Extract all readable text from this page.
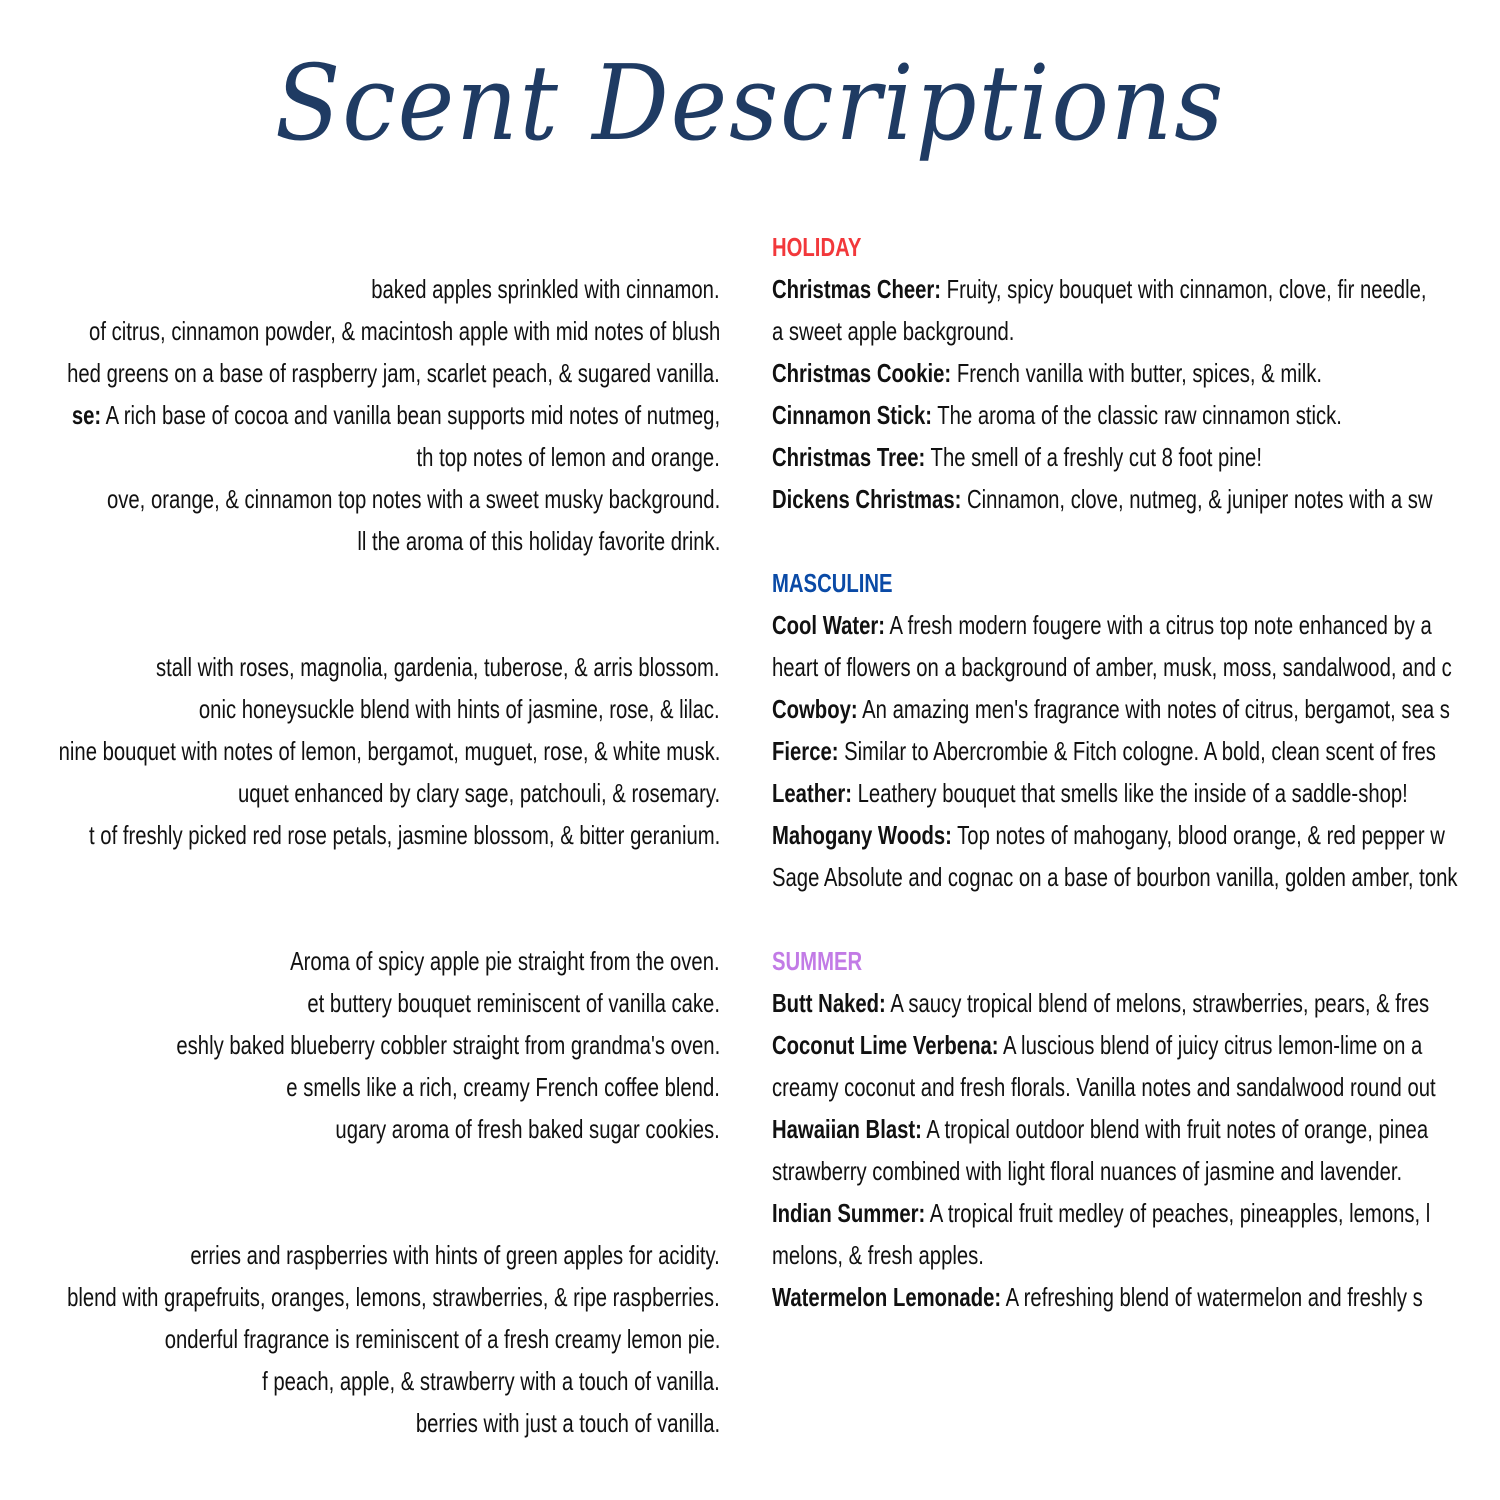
Scent Descriptions
baked apples sprinkled with cinnamon.
of citrus, cinnamon powder, & macintosh apple with mid notes of blush
hed greens on a base of raspberry jam, scarlet peach, & sugared vanilla.
se: A rich base of cocoa and vanilla bean supports mid notes of nutmeg,
th top notes of lemon and orange.
ove, orange, & cinnamon top notes with a sweet musky background.
ll the aroma of this holiday favorite drink.
stall with roses, magnolia, gardenia, tuberose, & arris blossom.
onic honeysuckle blend with hints of jasmine, rose, & lilac.
nine bouquet with notes of lemon, bergamot, muguet, rose, & white musk.
uquet enhanced by clary sage, patchouli, & rosemary.
t of freshly picked red rose petals, jasmine blossom, & bitter geranium.
Aroma of spicy apple pie straight from the oven.
et buttery bouquet reminiscent of vanilla cake.
eshly baked blueberry cobbler straight from grandma's oven.
e smells like a rich, creamy French coffee blend.
ugary aroma of fresh baked sugar cookies.
erries and raspberries with hints of green apples for acidity.
blend with grapefruits, oranges, lemons, strawberries, & ripe raspberries.
onderful fragrance is reminiscent of a fresh creamy lemon pie.
f peach, apple, & strawberry with a touch of vanilla.
berries with just a touch of vanilla.
HOLIDAY
Christmas Cheer: Fruity, spicy bouquet with cinnamon, clove, fir needle,
a sweet apple background.
Christmas Cookie: French vanilla with butter, spices, & milk.
Cinnamon Stick: The aroma of the classic raw cinnamon stick.
Christmas Tree: The smell of a freshly cut 8 foot pine!
Dickens Christmas: Cinnamon, clove, nutmeg, & juniper notes with a sw
MASCULINE
Cool Water: A fresh modern fougere with a citrus top note enhanced by a
heart of flowers on a background of amber, musk, moss, sandalwood, and c
Cowboy: An amazing men's fragrance with notes of citrus, bergamot, sea s
Fierce: Similar to Abercrombie & Fitch cologne. A bold, clean scent of fres
Leather: Leathery bouquet that smells like the inside of a saddle-shop!
Mahogany Woods: Top notes of mahogany, blood orange, & red pepper w
Sage Absolute and cognac on a base of bourbon vanilla, golden amber, tonk
SUMMER
Butt Naked: A saucy tropical blend of melons, strawberries, pears, & fres
Coconut Lime Verbena: A luscious blend of juicy citrus lemon-lime on a
creamy coconut and fresh florals. Vanilla notes and sandalwood round out
Hawaiian Blast: A tropical outdoor blend with fruit notes of orange, pinea
strawberry combined with light floral nuances of jasmine and lavender.
Indian Summer: A tropical fruit medley of peaches, pineapples, lemons, l
melons, & fresh apples.
Watermelon Lemonade: A refreshing blend of watermelon and freshly s
